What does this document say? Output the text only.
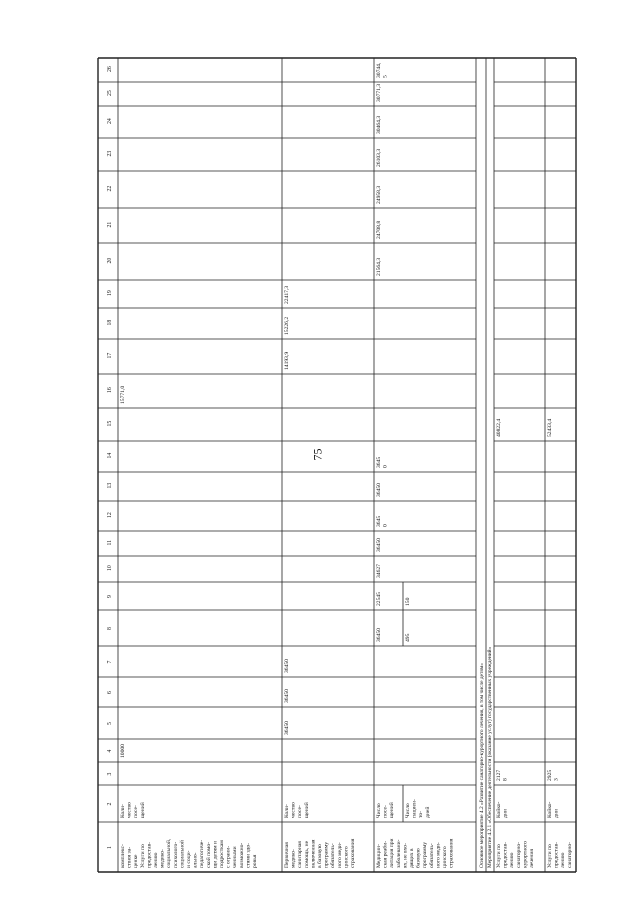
75
1
2
3
4
5
6
7
8
9
10
11
12
13
14
15
16
17
18
19
20
21
22
23
24
25
26
комплекс- ствия за- ценке Услуги по предостав- лению медико- социальной, психолого- социальной и соци- ально- педагогиче- ской помо- щи детям и подросткам с ограни- ченными возможно- стями здо- ровья
Коли- чество посе- щений
10000
15771,0
Первичная медико- санитарная помощь, не включенная в базовую программу обязатель- ного меди- цинского страхования
Коли- чество посе- щений
36450
36450
36450
14193,9
15226,2
22417,3
Медицин- ская реаби- литация при заболевани- ях, не вхо- дящих в базовую программу обязатель- ного меди- цинского страхования
Число посе- щений Число пациен- то- дней
36450	495
22545	150
34627
36450
3645 0
36450
3645 0
21564,3
24708,8
24958,3
26103,3
30464,3
30771,3
30744, 5
Основное мероприятие 4.2 «Развитие санаторно-курортного лечения, в том числе детям» Мероприятие 4.2.1 «Обеспечение деятельности (оказание услуг) государственных учреждений» Услуги по предостав- лению санаторно- курортного лечения
Койко- дни
2127 8
40822,4
Услуги по предостав- лению санаторно-
Койко- дни
2925 3
52433,4
